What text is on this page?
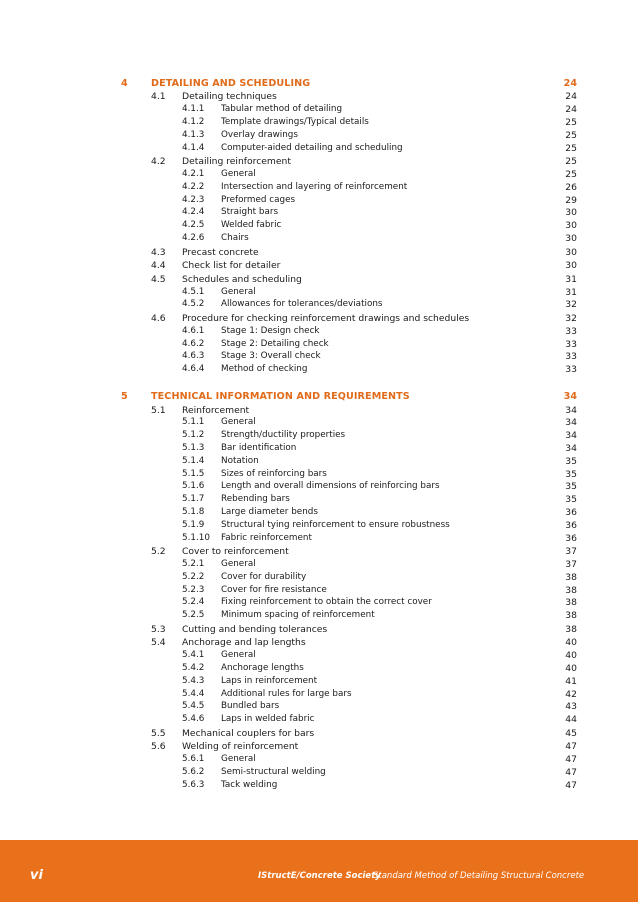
4 DETAILING AND SCHEDULING	24
4.1 Detailing techniques	24
4.1.1 Tabular method of detailing	24
4.1.2 Template drawings/Typical details	25
4.1.3 Overlay drawings	25
4.1.4 Computer-aided detailing and scheduling	25
4.2 Detailing reinforcement	25
4.2.1 General	25
4.2.2 Intersection and layering of reinforcement	26
4.2.3 Preformed cages	29
4.2.4 Straight bars	30
4.2.5 Welded fabric	30
4.2.6 Chairs	30
4.3 Precast concrete	30
4.4 Check list for detailer	30
4.5 Schedules and scheduling	31
4.5.1 General	31
4.5.2 Allowances for tolerances/deviations	32
4.6 Procedure for checking reinforcement drawings and schedules	32
4.6.1 Stage 1: Design check	33
4.6.2 Stage 2: Detailing check	33
4.6.3 Stage 3: Overall check	33
4.6.4 Method of checking	33
5 TECHNICAL INFORMATION AND REQUIREMENTS	34
5.1 Reinforcement	34
5.1.1 General	34
5.1.2 Strength/ductility properties	34
5.1.3 Bar identification	34
5.1.4 Notation	35
5.1.5 Sizes of reinforcing bars	35
5.1.6 Length and overall dimensions of reinforcing bars	35
5.1.7 Rebending bars	35
5.1.8 Large diameter bends	36
5.1.9 Structural tying reinforcement to ensure robustness	36
5.1.10 Fabric reinforcement	36
5.2 Cover to reinforcement	37
5.2.1 General	37
5.2.2 Cover for durability	38
5.2.3 Cover for fire resistance	38
5.2.4 Fixing reinforcement to obtain the correct cover	38
5.2.5 Minimum spacing of reinforcement	38
5.3 Cutting and bending tolerances	38
5.4 Anchorage and lap lengths	40
5.4.1 General	40
5.4.2 Anchorage lengths	40
5.4.3 Laps in reinforcement	41
5.4.4 Additional rules for large bars	42
5.4.5 Bundled bars	43
5.4.6 Laps in welded fabric	44
5.5 Mechanical couplers for bars	45
5.6 Welding of reinforcement	47
5.6.1 General	47
5.6.2 Semi-structural welding	47
5.6.3 Tack welding	47
vi	IStructE/Concrete Society
Standard Method of Detailing Structural Concrete
